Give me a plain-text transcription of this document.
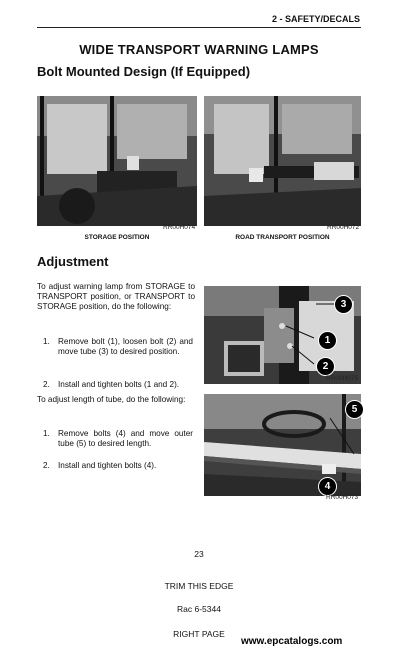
2 - SAFETY/DECALS
WIDE TRANSPORT WARNING LAMPS
Bolt Mounted Design (If Equipped)
RR00H074
STORAGE POSITION
RR00H072
ROAD TRANSPORT POSITION
Adjustment
To adjust warning lamp from STORAGE to TRANSPORT position, or TRANSPORT to STORAGE position, do the following:
1. Remove bolt (1), loosen bolt (2) and move tube (3) to desired position.
2. Install and tighten bolts (1 and 2).
To adjust length of tube, do the following:
1. Remove bolts (4) and move outer tube (5) to desired length.
2. Install and tighten bolts (4).
3
1
2
RR00H075
5
4
RR00H073
23
TRIM THIS EDGE
Rac 6-5344
RIGHT PAGE
www.epcatalogs.com
